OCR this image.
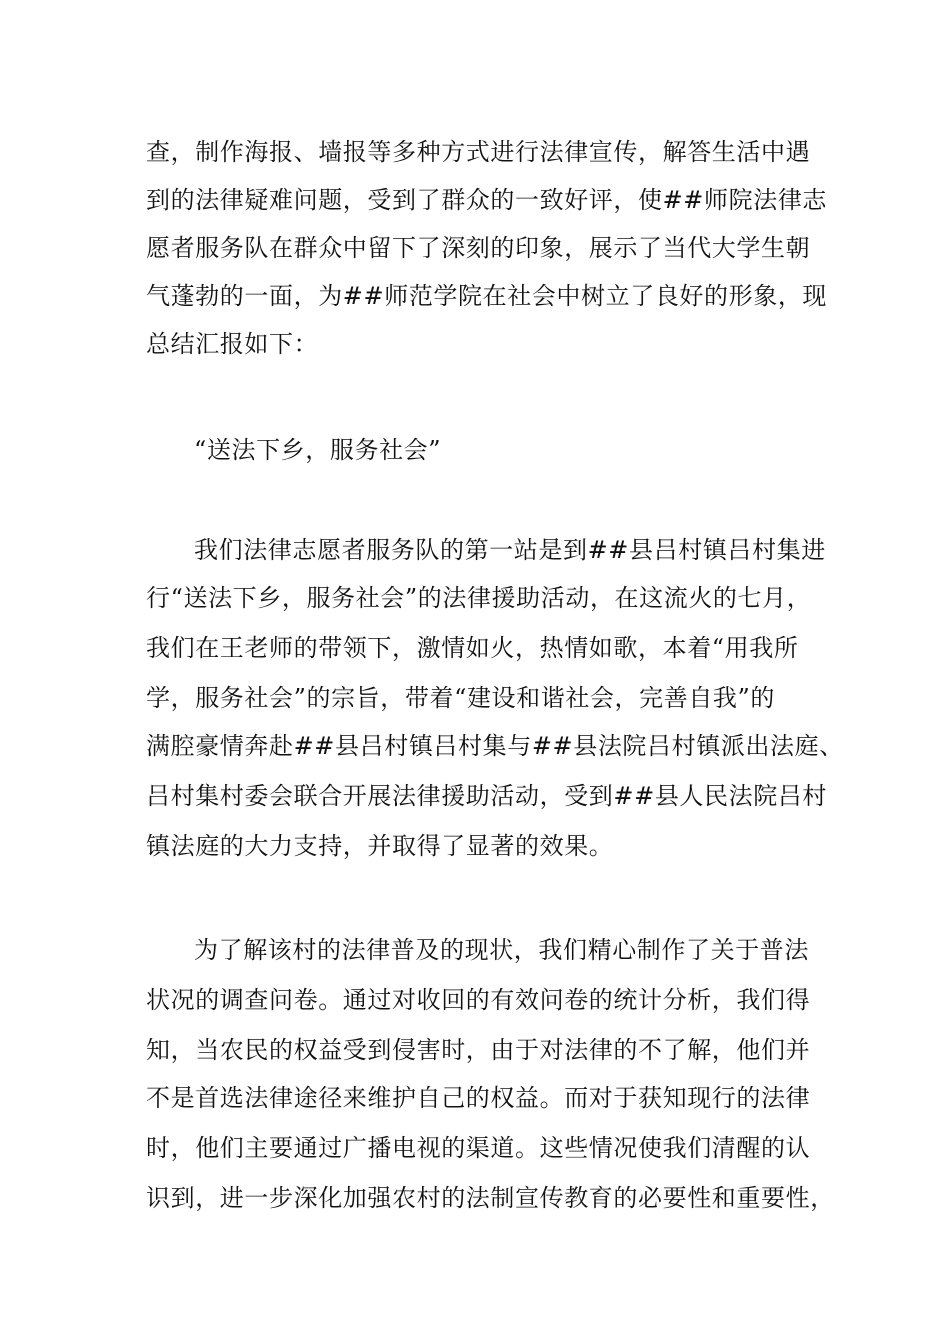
查，制作海报、墙报等多种方式进行法律宣传，解答生活中遇
到的法律疑难问题，受到了群众的一致好评，使##师院法律志
愿者服务队在群众中留下了深刻的印象，展示了当代大学生朝
气蓬勃的一面，为##师范学院在社会中树立了良好的形象，现
总结汇报如下：
“送法下乡，服务社会”
我们法律志愿者服务队的第一站是到##县吕村镇吕村集进
行“送法下乡，服务社会”的法律援助活动，在这流火的七月，
我们在王老师的带领下，激情如火，热情如歌，本着“用我所
学，服务社会”的宗旨，带着“建设和谐社会，完善自我”的
满腔豪情奔赴##县吕村镇吕村集与##县法院吕村镇派出法庭、
吕村集村委会联合开展法律援助活动，受到##县人民法院吕村
镇法庭的大力支持，并取得了显著的效果。
为了解该村的法律普及的现状，我们精心制作了关于普法
状况的调查问卷。通过对收回的有效问卷的统计分析，我们得
知，当农民的权益受到侵害时，由于对法律的不了解，他们并
不是首选法律途径来维护自己的权益。而对于获知现行的法律
时，他们主要通过广播电视的渠道。这些情况使我们清醒的认
识到，进一步深化加强农村的法制宣传教育的必要性和重要性，
